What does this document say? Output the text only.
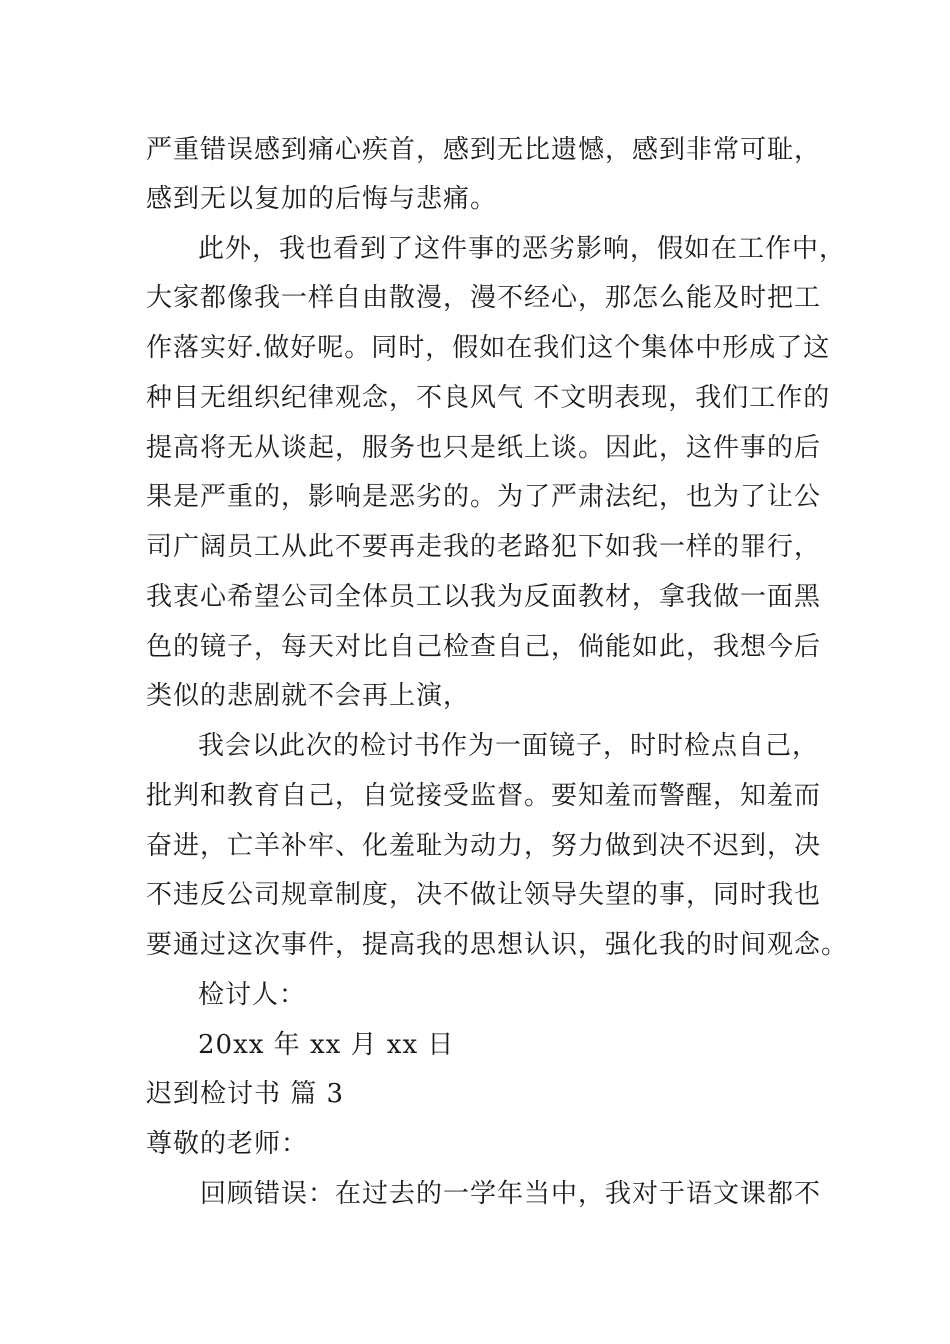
严重错误感到痛心疾首，感到无比遗憾，感到非常可耻，
感到无以复加的后悔与悲痛。
此外，我也看到了这件事的恶劣影响，假如在工作中，
大家都像我一样自由散漫，漫不经心，那怎么能及时把工
作落实好.做好呢。同时，假如在我们这个集体中形成了这
种目无组织纪律观念，不良风气 不文明表现，我们工作的
提高将无从谈起，服务也只是纸上谈。因此，这件事的后
果是严重的，影响是恶劣的。为了严肃法纪，也为了让公
司广阔员工从此不要再走我的老路犯下如我一样的罪行，
我衷心希望公司全体员工以我为反面教材，拿我做一面黑
色的镜子，每天对比自己检查自己，倘能如此，我想今后
类似的悲剧就不会再上演，
我会以此次的检讨书作为一面镜子，时时检点自己，
批判和教育自己，自觉接受监督。要知羞而警醒，知羞而
奋进，亡羊补牢、化羞耻为动力，努力做到决不迟到，决
不违反公司规章制度，决不做让领导失望的事，同时我也
要通过这次事件，提高我的思想认识，强化我的时间观念。
检讨人：
20xx 年 xx 月 xx 日
迟到检讨书 篇 3
尊敬的老师：
回顾错误：在过去的一学年当中，我对于语文课都不
